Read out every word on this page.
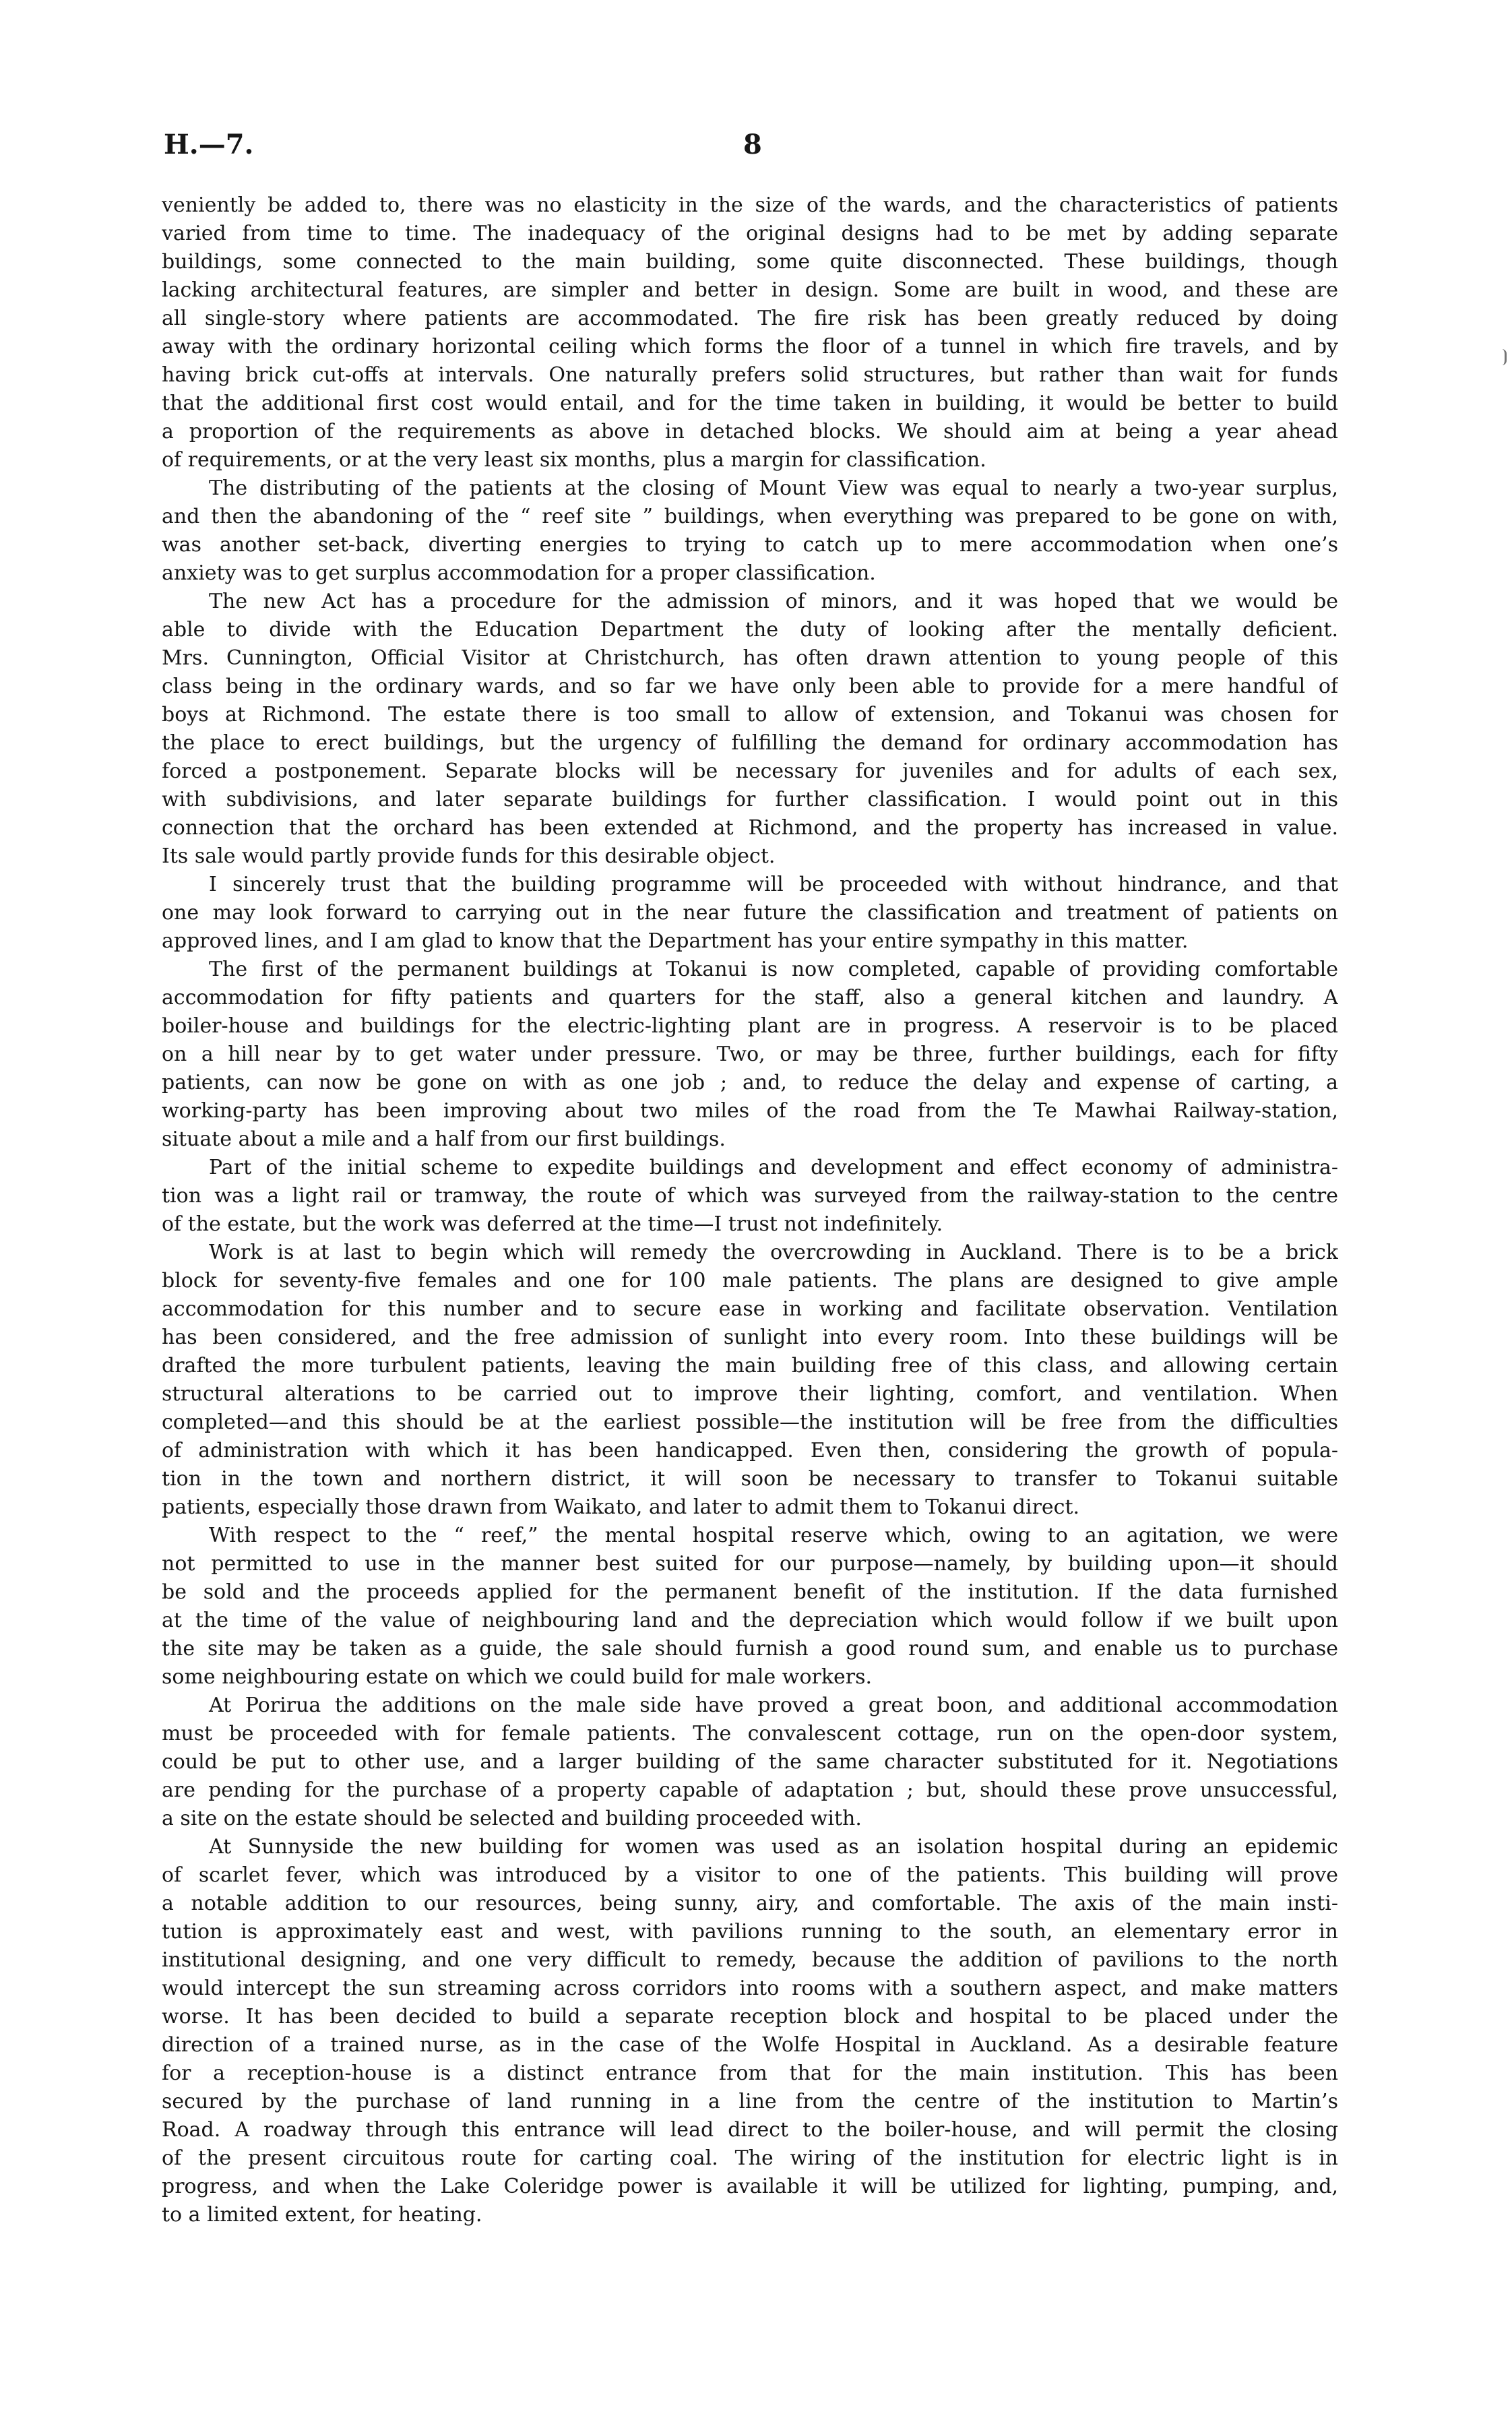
H.—7.	8
veniently be added to, there was no elasticity in the size of the wards, and the characteristics of patients
varied from time to time. The inadequacy of the original designs had to be met by adding separate
buildings, some connected to the main building, some quite disconnected. These buildings, though
lacking architectural features, are simpler and better in design. Some are built in wood, and these are
all single-story where patients are accommodated. The fire risk has been greatly reduced by doing
away with the ordinary horizontal ceiling which forms the floor of a tunnel in which fire travels, and by
having brick cut-offs at intervals. One naturally prefers solid structures, but rather than wait for funds
that the additional first cost would entail, and for the time taken in building, it would be better to build
a proportion of the requirements as above in detached blocks. We should aim at being a year ahead
of requirements, or at the very least six months, plus a margin for classification.
The distributing of the patients at the closing of Mount View was equal to nearly a two-year surplus,
and then the abandoning of the “ reef site ” buildings, when everything was prepared to be gone on with,
was another set-back, diverting energies to trying to catch up to mere accommodation when one’s
anxiety was to get surplus accommodation for a proper classification.
The new Act has a procedure for the admission of minors, and it was hoped that we would be
able to divide with the Education Department the duty of looking after the mentally deficient.
Mrs. Cunnington, Official Visitor at Christchurch, has often drawn attention to young people of this
class being in the ordinary wards, and so far we have only been able to provide for a mere handful of
boys at Richmond. The estate there is too small to allow of extension, and Tokanui was chosen for
the place to erect buildings, but the urgency of fulfilling the demand for ordinary accommodation has
forced a postponement. Separate blocks will be necessary for juveniles and for adults of each sex,
with subdivisions, and later separate buildings for further classification. I would point out in this
connection that the orchard has been extended at Richmond, and the property has increased in value.
Its sale would partly provide funds for this desirable object.
I sincerely trust that the building programme will be proceeded with without hindrance, and that
one may look forward to carrying out in the near future the classification and treatment of patients on
approved lines, and I am glad to know that the Department has your entire sympathy in this matter.
The first of the permanent buildings at Tokanui is now completed, capable of providing comfortable
accommodation for fifty patients and quarters for the staff, also a general kitchen and laundry. A
boiler-house and buildings for the electric-lighting plant are in progress. A reservoir is to be placed
on a hill near by to get water under pressure. Two, or may be three, further buildings, each for fifty
patients, can now be gone on with as one job ; and, to reduce the delay and expense of carting, a
working-party has been improving about two miles of the road from the Te Mawhai Railway-station,
situate about a mile and a half from our first buildings.
Part of the initial scheme to expedite buildings and development and effect economy of administra-
tion was a light rail or tramway, the route of which was surveyed from the railway-station to the centre
of the estate, but the work was deferred at the time—I trust not indefinitely.
Work is at last to begin which will remedy the overcrowding in Auckland. There is to be a brick
block for seventy-five females and one for 100 male patients. The plans are designed to give ample
accommodation for this number and to secure ease in working and facilitate observation. Ventilation
has been considered, and the free admission of sunlight into every room. Into these buildings will be
drafted the more turbulent patients, leaving the main building free of this class, and allowing certain
structural alterations to be carried out to improve their lighting, comfort, and ventilation. When
completed—and this should be at the earliest possible—the institution will be free from the difficulties
of administration with which it has been handicapped. Even then, considering the growth of popula-
tion in the town and northern district, it will soon be necessary to transfer to Tokanui suitable
patients, especially those drawn from Waikato, and later to admit them to Tokanui direct.
With respect to the “ reef,” the mental hospital reserve which, owing to an agitation, we were
not permitted to use in the manner best suited for our purpose—namely, by building upon—it should
be sold and the proceeds applied for the permanent benefit of the institution. If the data furnished
at the time of the value of neighbouring land and the depreciation which would follow if we built upon
the site may be taken as a guide, the sale should furnish a good round sum, and enable us to purchase
some neighbouring estate on which we could build for male workers.
At Porirua the additions on the male side have proved a great boon, and additional accommodation
must be proceeded with for female patients. The convalescent cottage, run on the open-door system,
could be put to other use, and a larger building of the same character substituted for it. Negotiations
are pending for the purchase of a property capable of adaptation ; but, should these prove unsuccessful,
a site on the estate should be selected and building proceeded with.
At Sunnyside the new building for women was used as an isolation hospital during an epidemic
of scarlet fever, which was introduced by a visitor to one of the patients. This building will prove
a notable addition to our resources, being sunny, airy, and comfortable. The axis of the main insti-
tution is approximately east and west, with pavilions running to the south, an elementary error in
institutional designing, and one very difficult to remedy, because the addition of pavilions to the north
would intercept the sun streaming across corridors into rooms with a southern aspect, and make matters
worse. It has been decided to build a separate reception block and hospital to be placed under the
direction of a trained nurse, as in the case of the Wolfe Hospital in Auckland. As a desirable feature
for a reception-house is a distinct entrance from that for the main institution. This has been
secured by the purchase of land running in a line from the centre of the institution to Martin’s
Road. A roadway through this entrance will lead direct to the boiler-house, and will permit the closing
of the present circuitous route for carting coal. The wiring of the institution for electric light is in
progress, and when the Lake Coleridge power is available it will be utilized for lighting, pumping, and,
to a limited extent, for heating.
